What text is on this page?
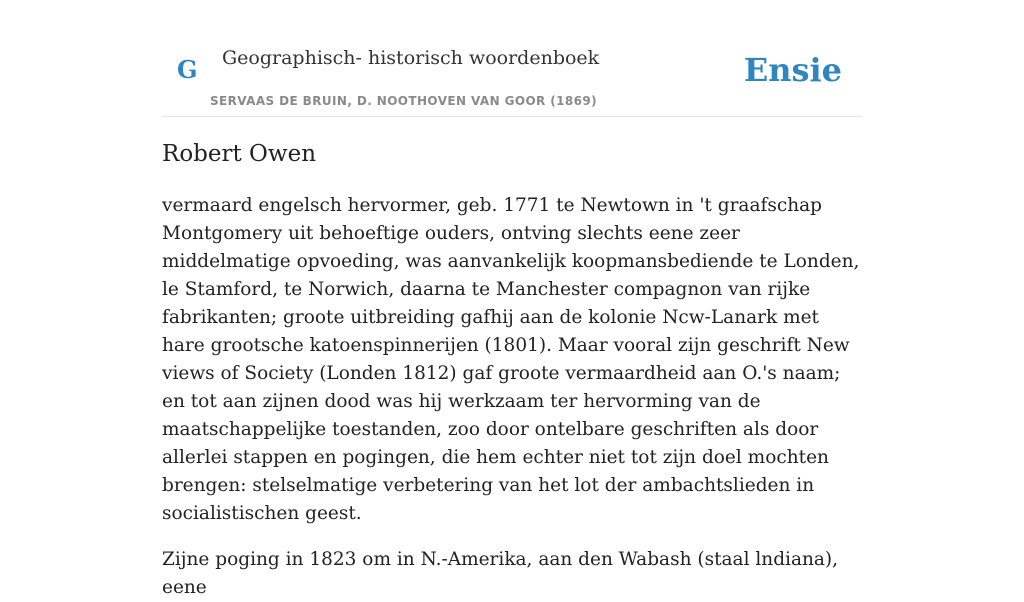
G Geographisch- historisch woordenboek
SERVAAS DE BRUIN, D. NOOTHOVEN VAN GOOR (1869)
Ensie
Robert Owen

vermaard engelsch hervormer, geb. 1771 te Newtown in 't graafschap Montgomery uit behoeftige ouders, ontving slechts eene zeer middelmatige opvoeding, was aanvankelijk koopmansbediende te Londen, le Stamford, te Norwich, daarna te Manchester compagnon van rijke fabrikanten; groote uitbreiding gafhij aan de kolonie Ncw-Lanark met hare grootsche katoenspinnerijen (1801). Maar vooral zijn geschrift New views of Society (Londen 1812) gaf groote vermaardheid aan O.'s naam; en tot aan zijnen dood was hij werkzaam ter hervorming van de maatschappelijke toestanden, zoo door ontelbare geschriften als door allerlei stappen en pogingen, die hem echter niet tot zijn doel mochten brengen: stelselmatige verbetering van het lot der ambachtslieden in socialistischen geest.

Zijne poging in 1823 om in N.-Amerika, aan den Wabash (staal lndiana), eene
